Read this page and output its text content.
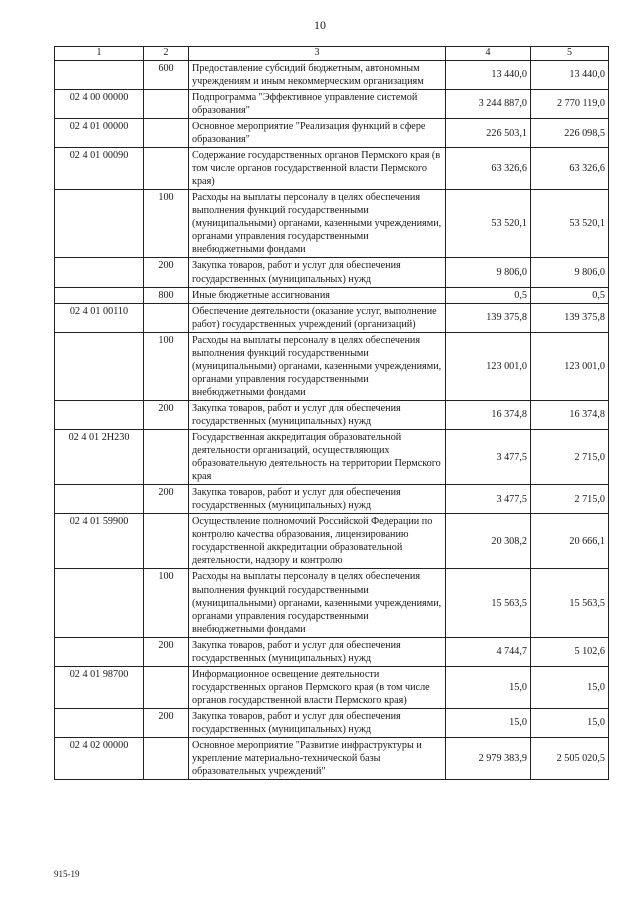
10
1	2	3	4	5
	600	Предоставление субсидий бюджетным, автономным учреждениям и иным некоммерческим организациям	13 440,0	13 440,0
02 4 00 00000		Подпрограмма "Эффективное управление системой образования"	3 244 887,0	2 770 119,0
02 4 01 00000		Основное мероприятие "Реализация функций в сфере образования"	226 503,1	226 098,5
02 4 01 00090		Содержание государственных органов Пермского края (в том числе органов государственной власти Пермского края)	63 326,6	63 326,6
	100	Расходы на выплаты персоналу в целях обеспечения выполнения функций государственными (муниципальными) органами, казенными учреждениями, органами управления государственными внебюджетными фондами	53 520,1	53 520,1
	200	Закупка товаров, работ и услуг для обеспечения государственных (муниципальных) нужд	9 806,0	9 806,0
	800	Иные бюджетные ассигнования	0,5	0,5
02 4 01 00110		Обеспечение деятельности (оказание услуг, выполнение работ) государственных учреждений (организаций)	139 375,8	139 375,8
	100	Расходы на выплаты персоналу в целях обеспечения выполнения функций государственными (муниципальными) органами, казенными учреждениями, органами управления государственными внебюджетными фондами	123 001,0	123 001,0
	200	Закупка товаров, работ и услуг для обеспечения государственных (муниципальных) нужд	16 374,8	16 374,8
02 4 01 2Н230		Государственная аккредитация образовательной деятельности организаций, осуществляющих образовательную деятельность на территории Пермского края	3 477,5	2 715,0
	200	Закупка товаров, работ и услуг для обеспечения государственных (муниципальных) нужд	3 477,5	2 715,0
02 4 01 59900		Осуществление полномочий Российской Федерации по контролю качества образования, лицензированию государственной аккредитации образовательной деятельности, надзору и контролю	20 308,2	20 666,1
	100	Расходы на выплаты персоналу в целях обеспечения выполнения функций государственными (муниципальными) органами, казенными учреждениями, органами управления государственными внебюджетными фондами	15 563,5	15 563,5
	200	Закупка товаров, работ и услуг для обеспечения государственных (муниципальных) нужд	4 744,7	5 102,6
02 4 01 98700		Информационное освещение деятельности государственных органов Пермского края (в том числе органов государственной власти Пермского края)	15,0	15,0
	200	Закупка товаров, работ и услуг для обеспечения государственных (муниципальных) нужд	15,0	15,0
02 4 02 00000		Основное мероприятие "Развитие инфраструктуры и укрепление материально-технической базы образовательных учреждений"	2 979 383,9	2 505 020,5
915-19
